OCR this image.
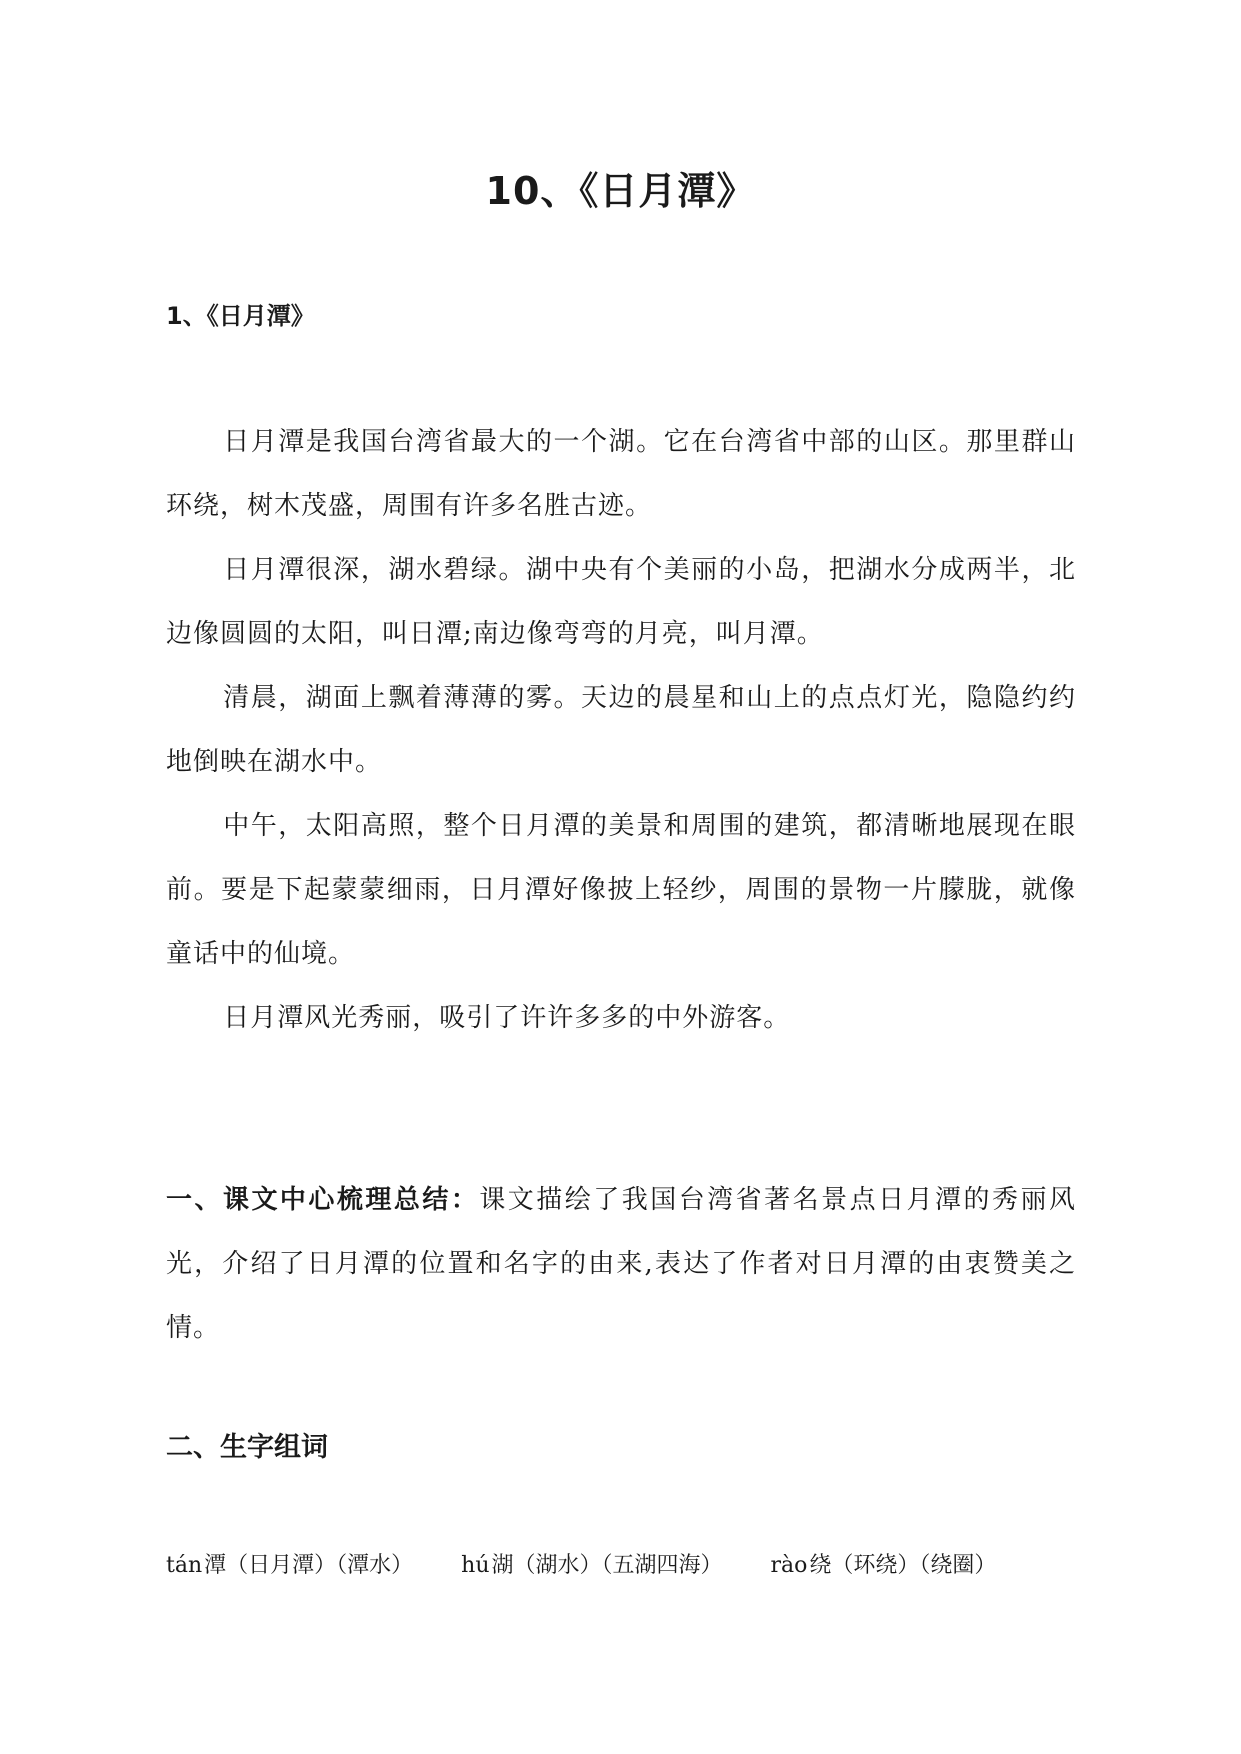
10、《日月潭》
1、《日月潭》

日月潭是我国台湾省最大的一个湖。它在台湾省中部的山区。那里群山环绕，树木茂盛，周围有许多名胜古迹。

日月潭很深，湖水碧绿。湖中央有个美丽的小岛，把湖水分成两半，北边像圆圆的太阳，叫日潭;南边像弯弯的月亮，叫月潭。

清晨，湖面上飘着薄薄的雾。天边的晨星和山上的点点灯光，隐隐约约地倒映在湖水中。

中午，太阳高照，整个日月潭的美景和周围的建筑，都清晰地展现在眼前。要是下起蒙蒙细雨，日月潭好像披上轻纱，周围的景物一片朦胧，就像童话中的仙境。

日月潭风光秀丽，吸引了许许多多的中外游客。

一、课文中心梳理总结：课文描绘了我国台湾省著名景点日月潭的秀丽风光，介绍了日月潭的位置和名字的由来,表达了作者对日月潭的由衷赞美之情。

二、生字组词
tán潭（日月潭）（潭水） hú湖（湖水）（五湖四海） rào绕（环绕）（绕圈）
